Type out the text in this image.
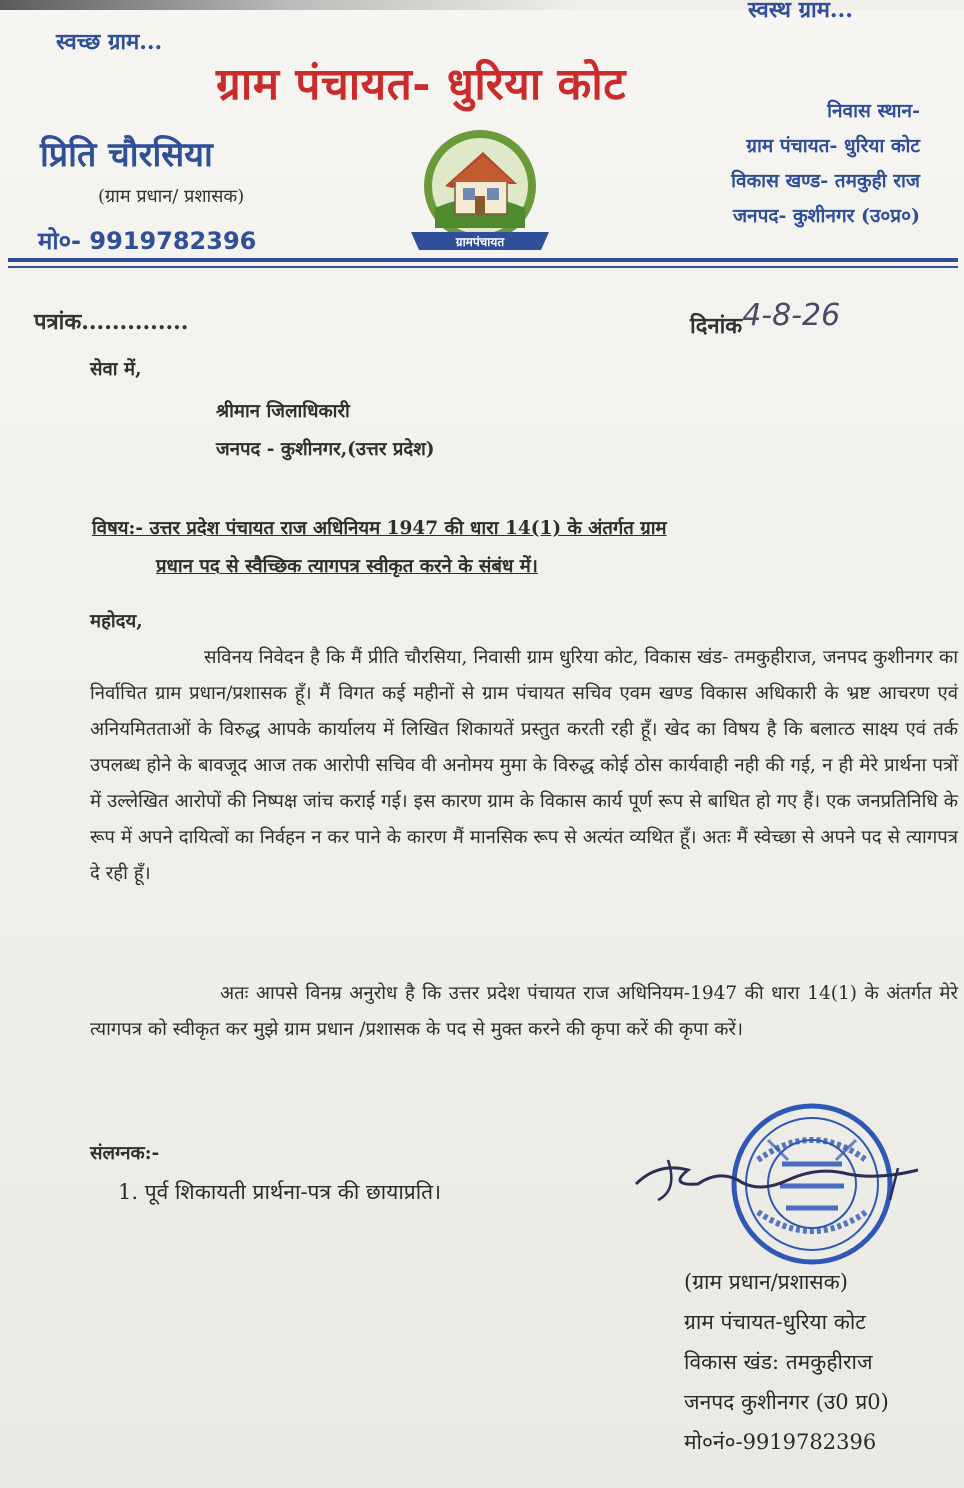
स्वच्छ ग्राम...
स्वस्थ ग्राम...
ग्राम पंचायत- धुरिया कोट
प्रिति चौरसिया
(ग्राम प्रधान/ प्रशासक)
मो०- 9919782396
निवास स्थान-
ग्राम पंचायत- धुरिया कोट
विकास खण्ड- तमकुही राज
जनपद- कुशीनगर (उ०प्र०)
ग्रामपंचायत
पत्रांक..............	दिनांक4-8-26
सेवा में,
श्रीमान जिलाधिकारी
जनपद - कुशीनगर,(उत्तर प्रदेश)
विषय:- उत्तर प्रदेश पंचायत राज अधिनियम 1947 की धारा 14(1) के अंतर्गत ग्राम
प्रधान पद से स्वैच्छिक त्यागपत्र स्वीकृत करने के संबंध में।
महोदय,
सविनय निवेदन है कि मैं प्रीति चौरसिया, निवासी ग्राम धुरिया कोट, विकास खंड- तमकुहीराज, जनपद कुशीनगर का निर्वाचित ग्राम प्रधान/प्रशासक हूँ। मैं विगत कई महीनों से ग्राम पंचायत सचिव एवम खण्ड विकास अधिकारी के भ्रष्ट आचरण एवं अनियमितताओं के विरुद्ध आपके कार्यालय में लिखित शिकायतें प्रस्तुत करती रही हूँ। खेद का विषय है कि बलात्ठ साक्ष्य एवं तर्क उपलब्ध होने के बावजूद आज तक आरोपी सचिव वी अनोमय मुमा के विरुद्ध कोई ठोस कार्यवाही नही की गई, न ही मेरे प्रार्थना पत्रों में उल्लेखित आरोपों की निष्पक्ष जांच कराई गई। इस कारण ग्राम के विकास कार्य पूर्ण रूप से बाधित हो गए हैं। एक जनप्रतिनिधि के रूप में अपने दायित्वों का निर्वहन न कर पाने के कारण मैं मानसिक रूप से अत्यंत व्यथित हूँ। अतः मैं स्वेच्छा से अपने पद से त्यागपत्र दे रही हूँ।
अतः आपसे विनम्र अनुरोध है कि उत्तर प्रदेश पंचायत राज अधिनियम-1947 की धारा 14(1) के अंतर्गत मेरे त्यागपत्र को स्वीकृत कर मुझे ग्राम प्रधान /प्रशासक के पद से मुक्त करने की कृपा करें की कृपा करें।
संलग्नक:-
1. पूर्व शिकायती प्रार्थना-पत्र की छायाप्रति।
(ग्राम प्रधान/प्रशासक)
ग्राम पंचायत-धुरिया कोट
विकास खंड: तमकुहीराज
जनपद कुशीनगर (उ0 प्र0)
मो०नं०-9919782396
